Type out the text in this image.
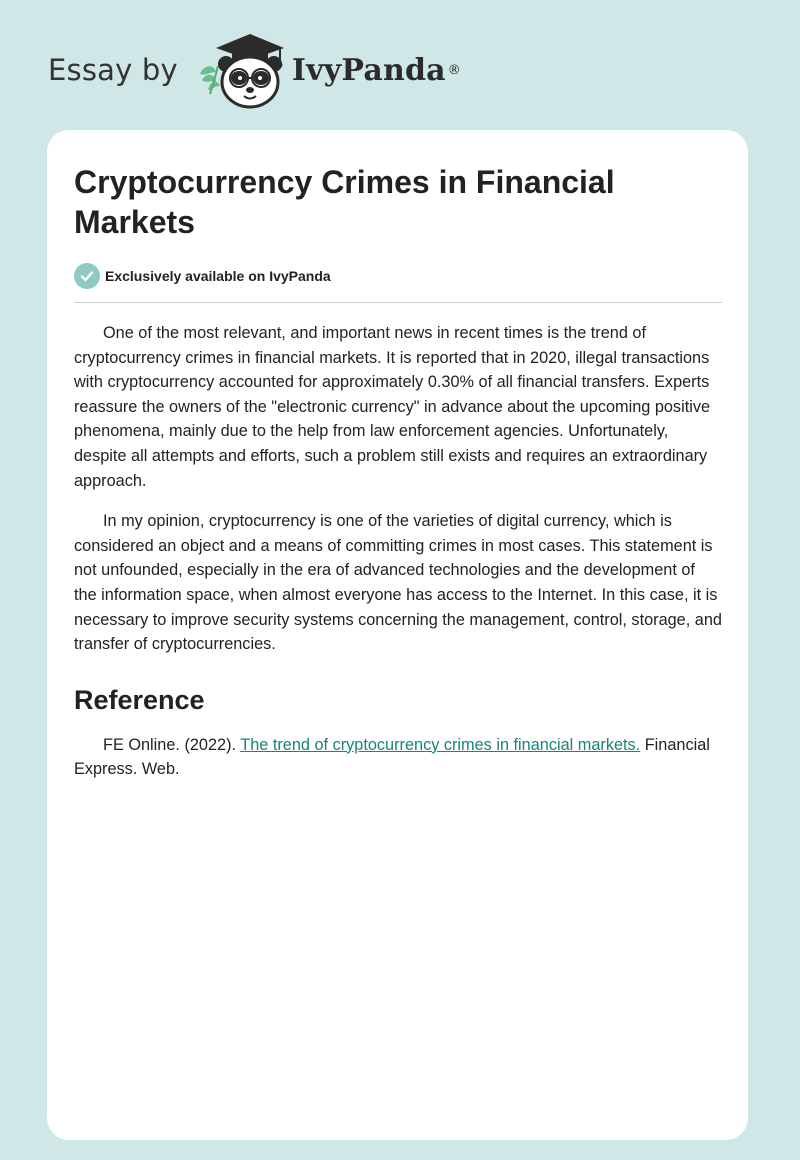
Essay by	IvyPanda ®
Cryptocurrency Crimes in Financial Markets
Exclusively available on IvyPanda

One of the most relevant, and important news in recent times is the trend of cryptocurrency crimes in financial markets. It is reported that in 2020, illegal transactions with cryptocurrency accounted for approximately 0.30% of all financial transfers. Experts reassure the owners of the "electronic currency" in advance about the upcoming positive phenomena, mainly due to the help from law enforcement agencies. Unfortunately, despite all attempts and efforts, such a problem still exists and requires an extraordinary approach.

In my opinion, cryptocurrency is one of the varieties of digital currency, which is considered an object and a means of committing crimes in most cases. This statement is not unfounded, especially in the era of advanced technologies and the development of the information space, when almost everyone has access to the Internet. In this case, it is necessary to improve security systems concerning the management, control, storage, and transfer of cryptocurrencies.

Reference

FE Online. (2022). The trend of cryptocurrency crimes in financial markets. Financial Express. Web.
